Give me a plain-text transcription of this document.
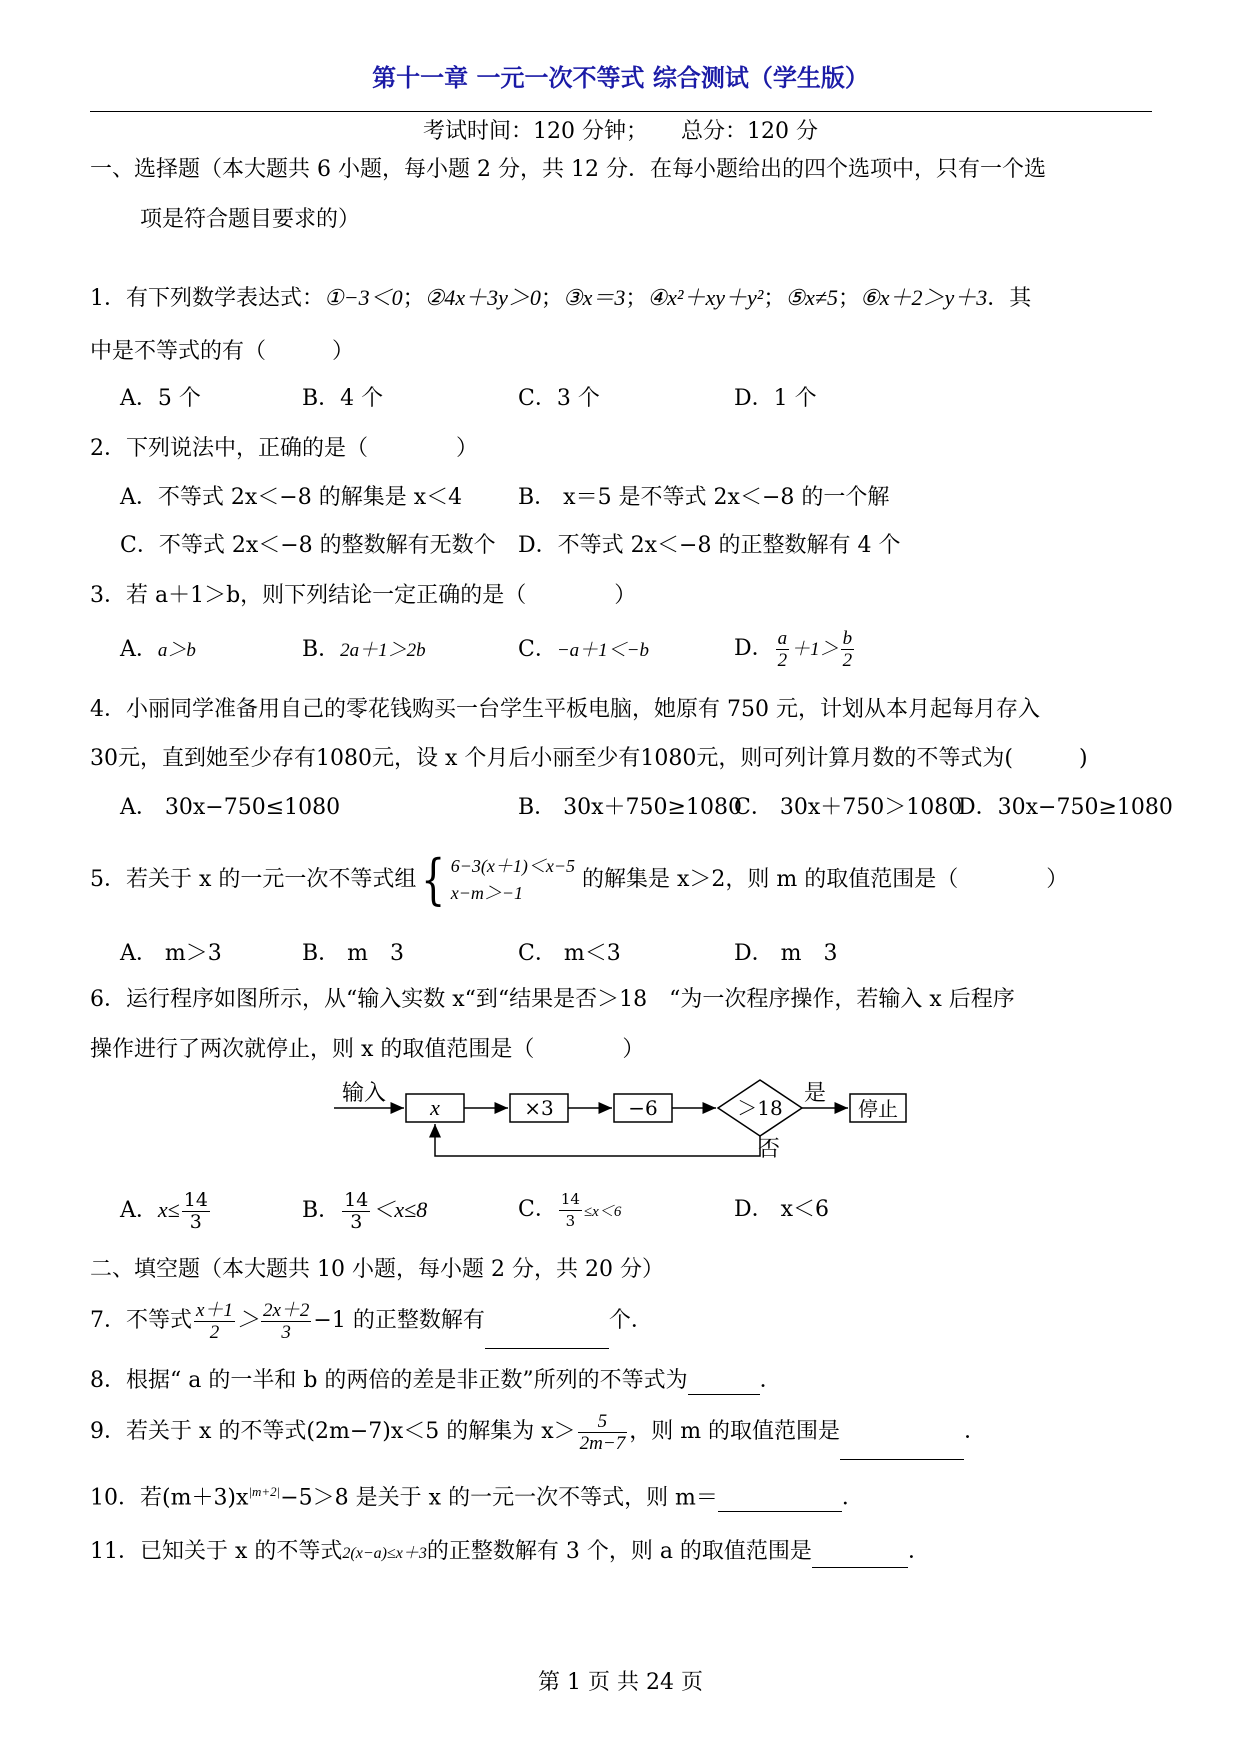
第十一章 一元一次不等式 综合测试（学生版）
考试时间：120 分钟；　　总分：120 分
一、选择题（本大题共 6 小题，每小题 2 分，共 12 分．在每小题给出的四个选项中，只有一个选
项是符合题目要求的）
1．有下列数学表达式：①−3＜0；②4x＋3y＞0；③x＝3；④x²＋xy＋y²；⑤x≠5；⑥x＋2＞y＋3．其
中是不等式的有（　　　）
A．5 个	B．4 个	C．3 个	D．1 个
2．下列说法中，正确的是（　　　　）
A．不等式 2x＜−8 的解集是 x＜4	B． x＝5 是不等式 2x＜−8 的一个解
C．不等式 2x＜−8 的整数解有无数个 D．不等式 2x＜−8 的正整数解有 4 个
3．若 a＋1＞b，则下列结论一定正确的是（　　　　）
A．a＞b	B．2a＋1＞2b	C．−a＋1＜−b	D． $\frac{a}{2} +1> \frac{b}{2}$
4．小丽同学准备用自己的零花钱购买一台学生平板电脑，她原有 750 元，计划从本月起每月存入
30元，直到她至少存有1080元，设 x 个月后小丽至少有1080元，则可列计算月数的不等式为(　　　)
A． 30x−750≤1080	B． 30x＋750≥1080
C． 30x＋750＞1080
D．30x−750≥1080
5．若关于 x 的一元一次不等式组{ 6−3(x＋1)＜x−5
x−m＞−1
的解集是 x＞2，则 m 的取值范围是（　　　　）
A． m＞3	B． m　3	C． m＜3	D． m　3
6．运行程序如图所示，从“输入实数 x“到“结果是否＞18　“为一次程序操作，若输入 x 后程序
操作进行了两次就停止，则 x 的取值范围是（　　　　）
输入	是
否
x	×3	−6	＞18	停止
A．$x\le \frac{14}{3}$	B． $\frac{14}{3} <x\le 8$	C． $\frac{14}{3} \le x<6$	D． x＜6
二、填空题（本大题共 10 小题，每小题 2 分，共 20 分）
7．不等式 $\frac{x+1}{2} > \frac{2x+2}{3} -1$ 的正整数解有	个．
8．根据“ a 的一半和 b 的两倍的差是非正数”所列的不等式为	．
9．若关于 x 的不等式(2m−7)x＜5 的解集为 $x> \frac{5}{2m-7}$ ，则 m 的取值范围是	．
10．若$(m+3)x^{|m+2|}-5>8$ 是关于 x 的一元一次不等式，则 m＝	．
11．已知关于 x 的不等式2(x−a)≤x＋3的正整数解有 3 个，则 a 的取值范围是	．
第 1 页 共 24 页
